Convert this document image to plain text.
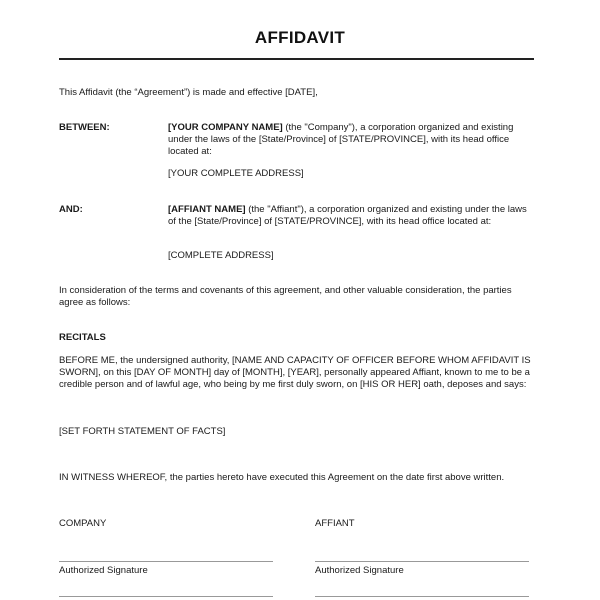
AFFIDAVIT
This Affidavit (the “Agreement”) is made and effective [DATE],
BETWEEN:	[YOUR COMPANY NAME] (the "Company"), a corporation organized and existing under the laws of the [State/Province] of [STATE/PROVINCE], with its head office located at:
[YOUR COMPLETE ADDRESS]
AND:	[AFFIANT NAME] (the "Affiant"), a corporation organized and existing under the laws of the [State/Province] of [STATE/PROVINCE], with its head office located at:
[COMPLETE ADDRESS]
In consideration of the terms and covenants of this agreement, and other valuable consideration, the parties agree as follows:
RECITALS
BEFORE ME, the undersigned authority, [NAME AND CAPACITY OF OFFICER BEFORE WHOM AFFIDAVIT IS SWORN], on this [DAY OF MONTH] day of [MONTH], [YEAR], personally appeared Affiant, known to me to be a credible person and of lawful age, who being by me first duly sworn, on [HIS OR HER] oath, deposes and says:
[SET FORTH STATEMENT OF FACTS]
IN WITNESS WHEREOF, the parties hereto have executed this Agreement on the date first above written.
COMPANY	AFFIANT
Authorized Signature	Authorized Signature
